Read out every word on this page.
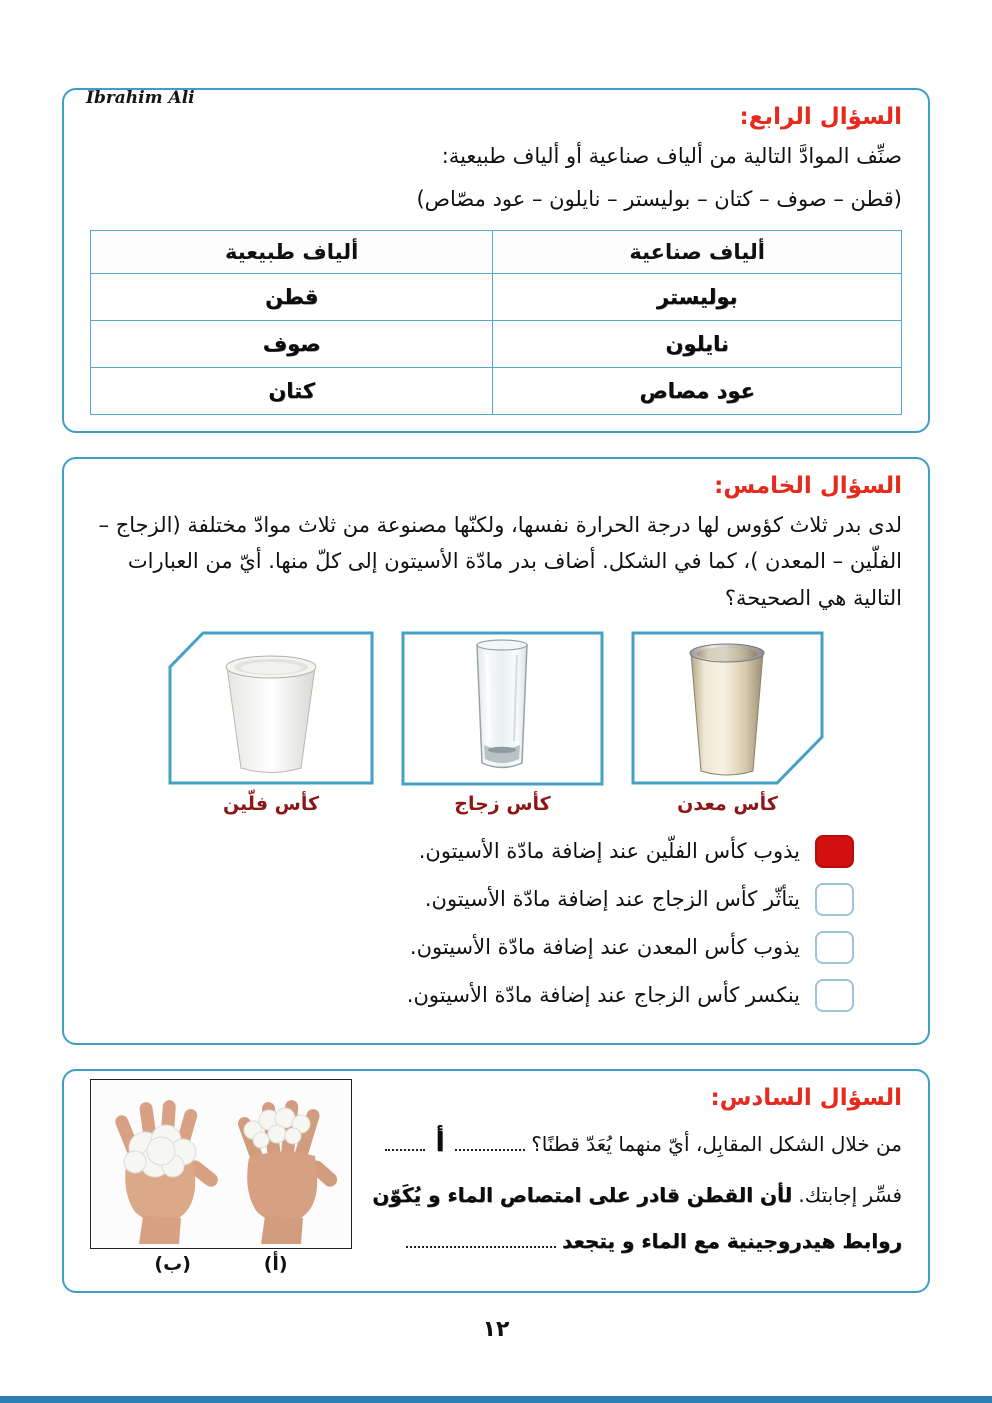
Ibrahim Ali
السؤال الرابع:

صنِّف الموادَّ التالية من ألياف صناعية أو ألياف طبيعية:

(قطن – صوف – كتان – بوليستر – نايلون – عود مصّاص)

ألياف صناعية	ألياف طبيعية
بوليستر	قطن
نايلون	صوف
عود مصاص	كتان
السؤال الخامس:

لدى بدر ثلاث كؤوس لها درجة الحرارة نفسها، ولكنّها مصنوعة من ثلاث موادّ مختلفة (الزجاج – الفلّين – المعدن )، كما في الشكل. أضاف بدر مادّة الأسيتون إلى كلّ منها. أيّ من العبارات التالية هي الصحيحة؟

كأس فلّين	كأس زجاج	كأس معدن
يذوب كأس الفلّين عند إضافة مادّة الأسيتون.
يتأثّر كأس الزجاج عند إضافة مادّة الأسيتون.
يذوب كأس المعدن عند إضافة مادّة الأسيتون.
ينكسر كأس الزجاج عند إضافة مادّة الأسيتون.
السؤال السادس:

من خلال الشكل المقابِل، أيّ منهما يُعَدّ قطنًا؟  أ

فسِّر إجابتك. لأن القطن قادر على امتصاص الماء و يُكَوّن

روابط هيدروجينية مع الماء و يتجعد

(أ)
(ب)
١٢
